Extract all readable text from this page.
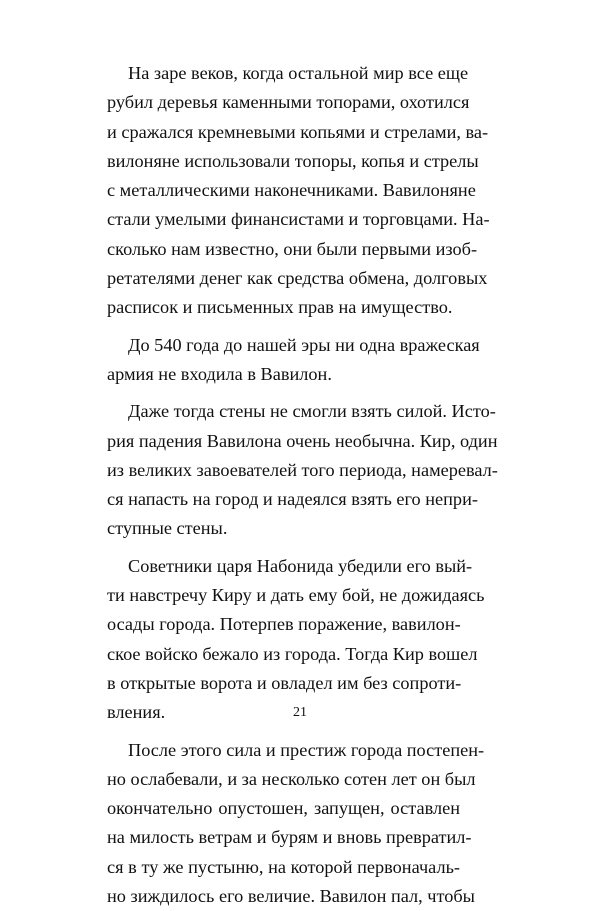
На заре веков, когда остальной мир все еще
рубил деревья каменными топорами, охотился
и сражался кремневыми копьями и стрелами, ва-
вилоняне использовали топоры, копья и стрелы
с металлическими наконечниками. Вавилоняне
стали умелыми финансистами и торговцами. На-
сколько нам известно, они были первыми изоб-
ретателями денег как средства обмена, долговых
расписок и письменных прав на имущество.
До 540 года до нашей эры ни одна вражеская
армия не входила в Вавилон.
Даже тогда стены не смогли взять силой. Исто-
рия падения Вавилона очень необычна. Кир, один
из великих завоевателей того периода, намеревал-
ся напасть на город и надеялся взять его непри-
ступные стены.
Советники царя Набонида убедили его вый-
ти навстречу Киру и дать ему бой, не дожидаясь
осады города. Потерпев поражение, вавилон-
ское войско бежало из города. Тогда Кир вошел
в открытые ворота и овладел им без сопроти-
вления.
После этого сила и престиж города постепен-
но ослабевали, и за несколько сотен лет он был
окончательно опустошен, запущен, оставлен
на милость ветрам и бурям и вновь превратил-
ся в ту же пустыню, на которой первоначаль-
но зиждилось его величие. Вавилон пал, чтобы
21
